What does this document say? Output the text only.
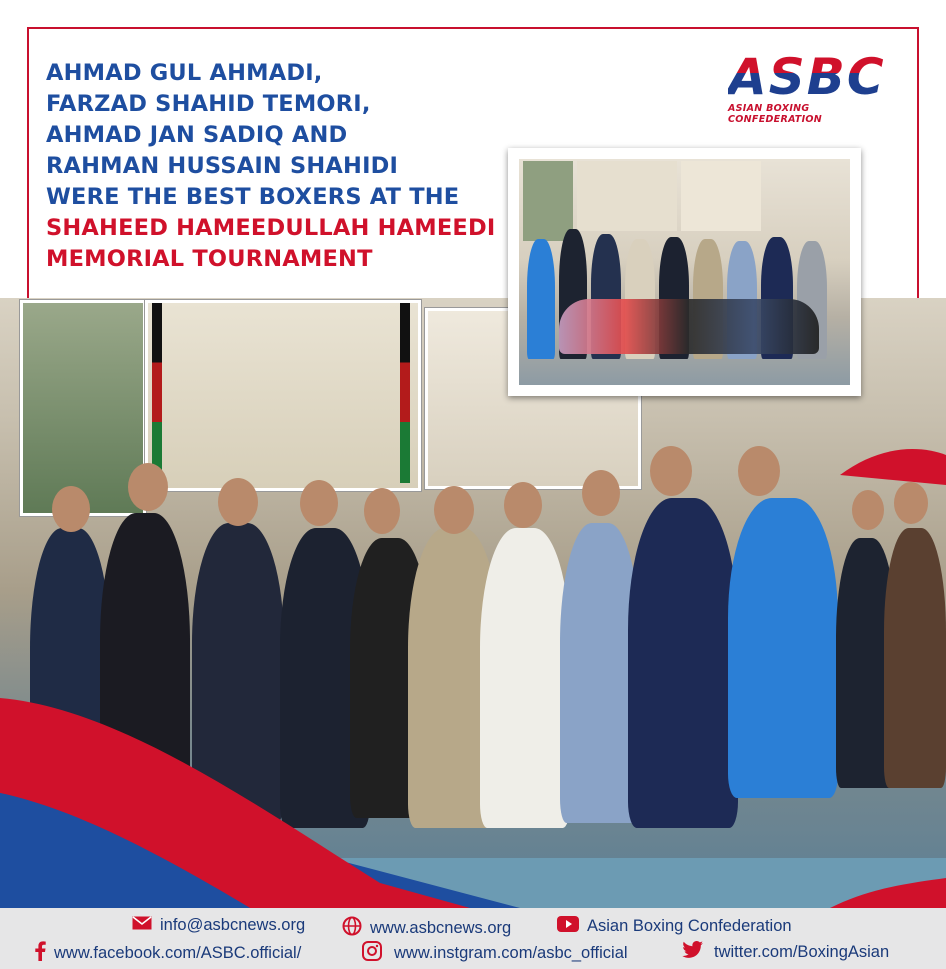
AHMAD GUL AHMADI,
FARZAD SHAHID TEMORI,
AHMAD JAN SADIQ AND
RAHMAN HUSSAIN SHAHIDI
WERE THE BEST BOXERS AT THE
SHAHEED HAMEEDULLAH HAMEEDI
MEMORIAL TOURNAMENT
ASBC
ASIAN BOXING CONFEDERATION
info@asbcnews.org	www.asbcnews.org	Asian Boxing Confederation
www.facebook.com/ASBC.official/	www.instgram.com/asbc_official	twitter.com/BoxingAsian
